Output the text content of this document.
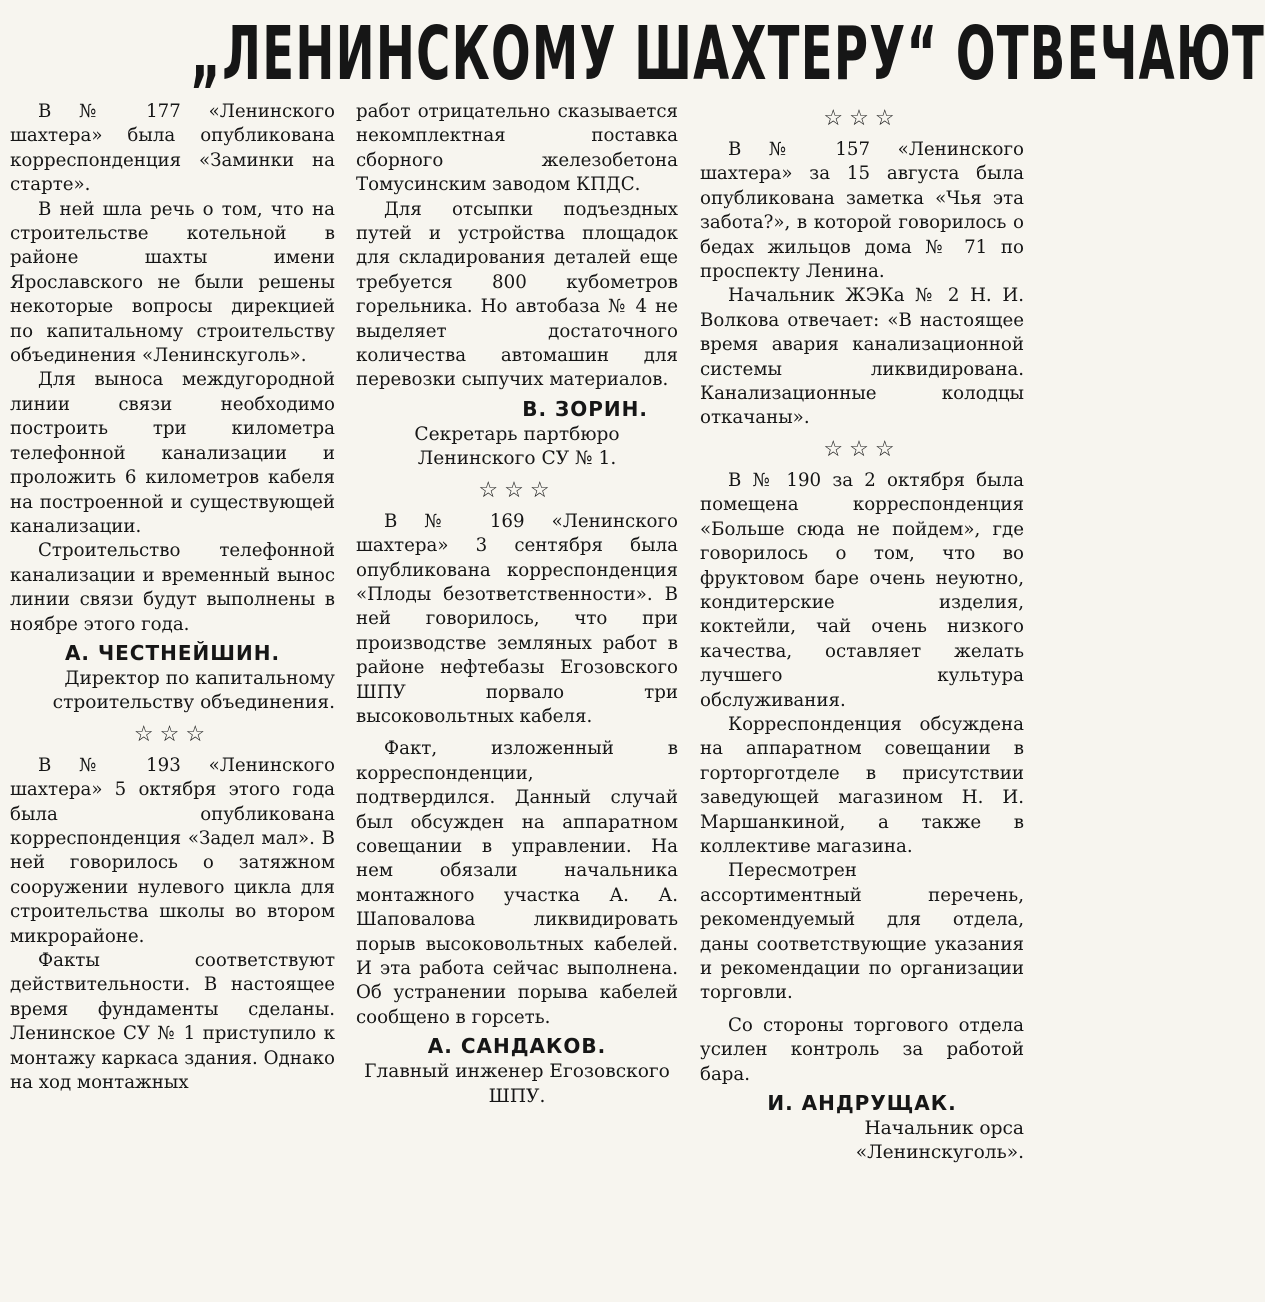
„ЛЕНИНСКОМУ ШАХТЕРУ“ ОТВЕЧАЮТ

В № 177 «Ленинского шахтера» была опубликована корреспонденция «Заминки на старте».

В ней шла речь о том, что на строительстве котельной в районе шахты имени Ярославского не были решены некоторые вопросы дирекцией по капитальному строительству объединения «Ленинскуголь».

Для выноса междугородной линии связи необходимо построить три километра телефонной канализации и проложить 6 километров кабеля на построенной и существующей канализации.

Строительство телефонной канализации и временный вынос линии связи будут выполнены в ноябре этого года.

А. ЧЕСТНЕЙШИН.
Директор по капитальному строительству объединения.
☆☆☆

В № 193 «Ленинского шахтера» 5 октября этого года была опубликована корреспонденция «Задел мал». В ней говорилось о затяжном сооружении нулевого цикла для строительства школы во втором микрорайоне.

Факты соответствуют действительности. В настоящее время фундаменты сделаны. Ленинское СУ № 1 приступило к монтажу каркаса здания. Однако на ход монтажных

работ отрицательно сказывается некомплектная поставка сборного железобетона Томусинским заводом КПДС.

Для отсыпки подъездных путей и устройства площадок для складирования деталей еще требуется 800 кубометров горельника. Но автобаза № 4 не выделяет достаточного количества автомашин для перевозки сыпучих материалов.

В. ЗОРИН.
Секретарь партбюро Ленинского СУ № 1.
☆☆☆

В № 169 «Ленинского шахтера» 3 сентября была опубликована корреспонденция «Плоды безответственности». В ней говорилось, что при производстве земляных работ в районе нефтебазы Егозовского ШПУ порвало три высоковольтных кабеля.

Факт, изложенный в корреспонденции, подтвердился. Данный случай был обсужден на аппаратном совещании в управлении. На нем обязали начальника монтажного участка А. А. Шаповалова ликвидировать порыв высоковольтных кабелей. И эта работа сейчас выполнена. Об устранении порыва кабелей сообщено в горсеть.

А. САНДАКОВ.
Главный инженер Егозовского ШПУ.
☆☆☆

В № 157 «Ленинского шахтера» за 15 августа была опубликована заметка «Чья эта забота?», в которой говорилось о бедах жильцов дома № 71 по проспекту Ленина.

Начальник ЖЭКа № 2 Н. И. Волкова отвечает: «В настоящее время авария канализационной системы ликвидирована. Канализационные колодцы откачаны».

☆☆☆

В № 190 за 2 октября была помещена корреспонденция «Больше сюда не пойдем», где говорилось о том, что во фруктовом баре очень неуютно, кондитерские изделия, коктейли, чай очень низкого качества, оставляет желать лучшего культура обслуживания.

Корреспонденция обсуждена на аппаратном совещании в горторготделе в присутствии заведующей магазином Н. И. Маршанкиной, а также в коллективе магазина.

Пересмотрен ассортиментный перечень, рекомендуемый для отдела, даны соответствующие указания и рекомендации по организации торговли.

Со стороны торгового отдела усилен контроль за работой бара.

И. АНДРУЩАК.
Начальник орса «Ленинскуголь».
